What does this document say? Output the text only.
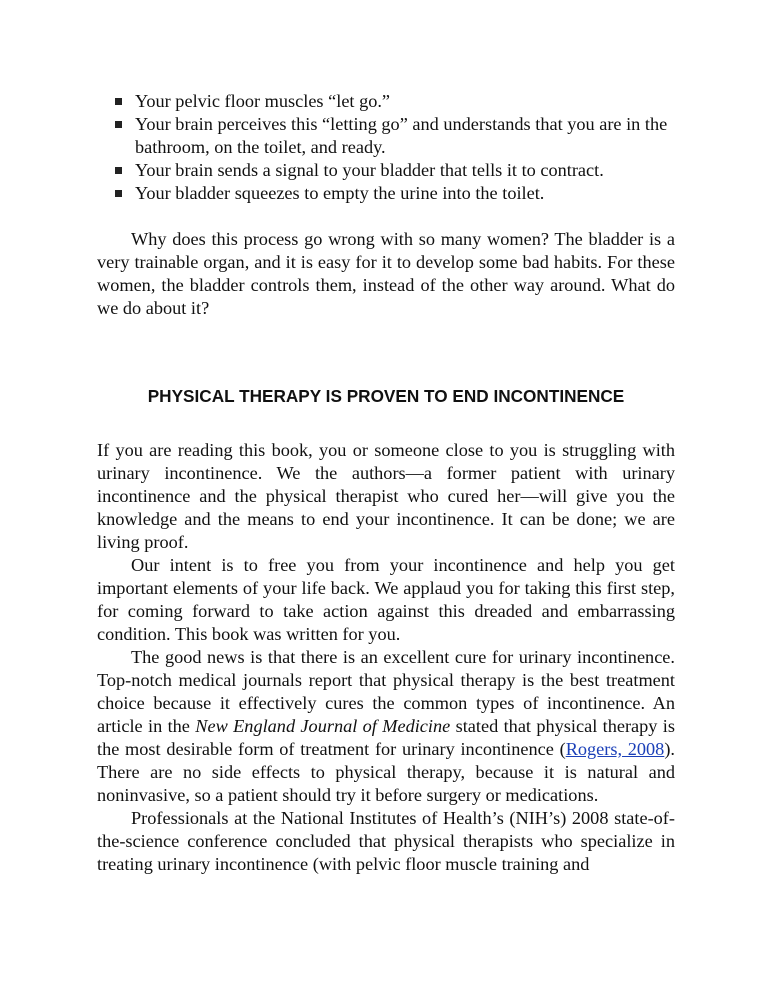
Your pelvic floor muscles “let go.”
Your brain perceives this “letting go” and understands that you are in the bathroom, on the toilet, and ready.
Your brain sends a signal to your bladder that tells it to contract.
Your bladder squeezes to empty the urine into the toilet.

Why does this process go wrong with so many women? The bladder is a very trainable organ, and it is easy for it to develop some bad habits. For these women, the bladder controls them, instead of the other way around. What do we do about it?

PHYSICAL THERAPY IS PROVEN TO END INCONTINENCE

If you are reading this book, you or someone close to you is struggling with urinary incontinence. We the authors—a former patient with urinary incontinence and the physical therapist who cured her—will give you the knowledge and the means to end your incontinence. It can be done; we are living proof.

Our intent is to free you from your incontinence and help you get important elements of your life back. We applaud you for taking this first step, for coming forward to take action against this dreaded and embarrassing condition. This book was written for you.

The good news is that there is an excellent cure for urinary incontinence. Top-notch medical journals report that physical therapy is the best treatment choice because it effectively cures the common types of incontinence. An article in the New England Journal of Medicine stated that physical therapy is the most desirable form of treatment for urinary incontinence (Rogers, 2008). There are no side effects to physical therapy, because it is natural and noninvasive, so a patient should try it before surgery or medications.

Professionals at the National Institutes of Health’s (NIH’s) 2008 state-of-the-science conference concluded that physical therapists who specialize in treating urinary incontinence (with pelvic floor muscle training and
